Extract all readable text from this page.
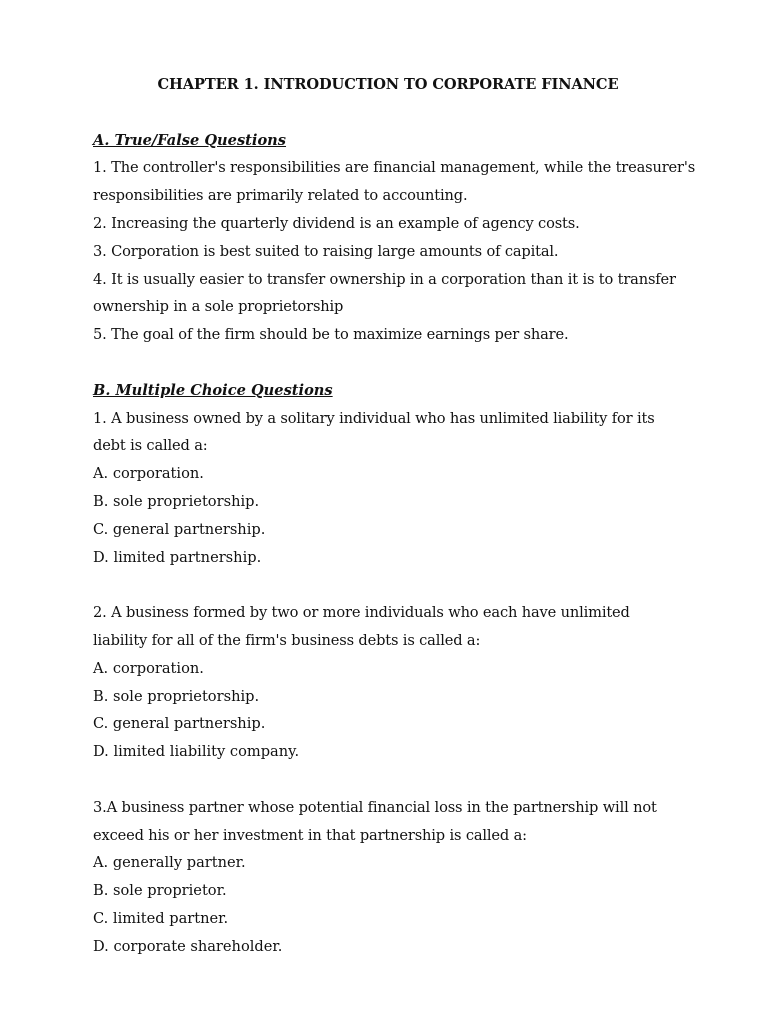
CHAPTER 1. INTRODUCTION TO CORPORATE FINANCE

A. True/False Questions

1. The controller's responsibilities are financial management, while the treasurer's

responsibilities are primarily related to accounting.

2. Increasing the quarterly dividend is an example of agency costs.

3. Corporation is best suited to raising large amounts of capital.

4. It is usually easier to transfer ownership in a corporation than it is to transfer

ownership in a sole proprietorship

5. The goal of the firm should be to maximize earnings per share.

B. Multiple Choice Questions

1. A business owned by a solitary individual who has unlimited liability for its

debt is called a:

A. corporation.

B. sole proprietorship.

C. general partnership.

D. limited partnership.

2. A business formed by two or more individuals who each have unlimited

liability for all of the firm's business debts is called a:

A. corporation.

B. sole proprietorship.

C. general partnership.

D. limited liability company.

3.A business partner whose potential financial loss in the partnership will not

exceed his or her investment in that partnership is called a:

A. generally partner.

B. sole proprietor.

C. limited partner.

D. corporate shareholder.
